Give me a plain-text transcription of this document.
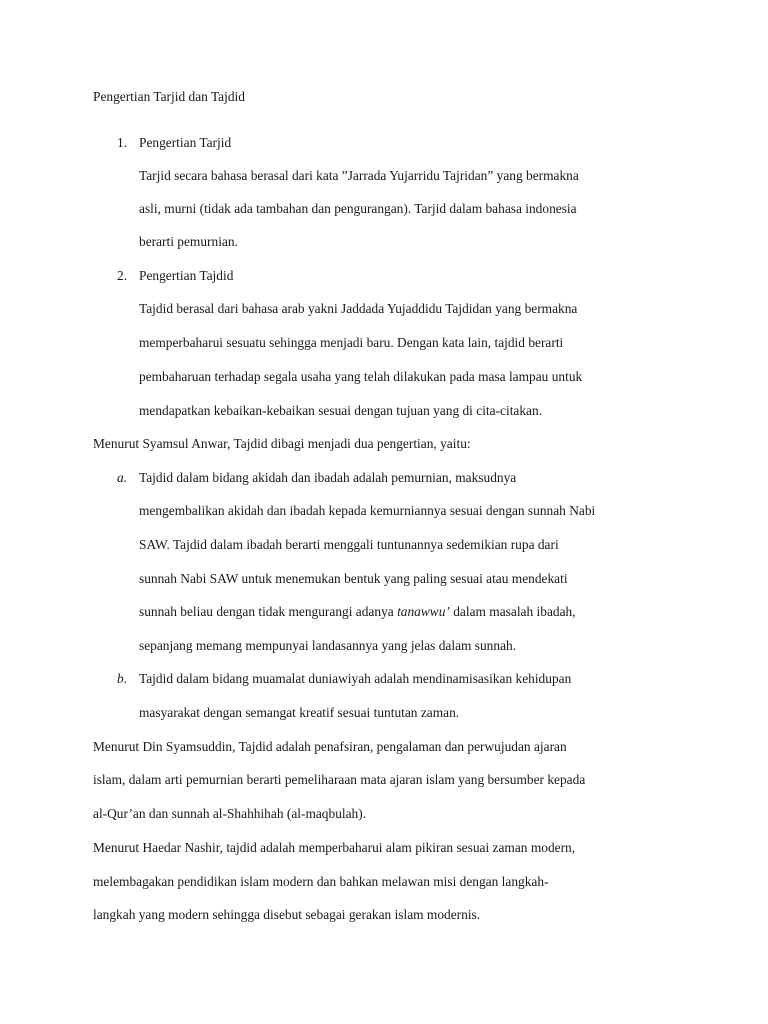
Pengertian Tarjid dan Tajdid
1. Pengertian Tarjid
Tarjid secara bahasa berasal dari kata ”Jarrada Yujarridu Tajridan” yang bermakna
asli, murni (tidak ada tambahan dan pengurangan). Tarjid dalam bahasa indonesia
berarti pemurnian.
2. Pengertian Tajdid
Tajdid berasal dari bahasa arab yakni Jaddada Yujaddidu Tajdidan yang bermakna
memperbaharui sesuatu sehingga menjadi baru. Dengan kata lain, tajdid berarti
pembaharuan terhadap segala usaha yang telah dilakukan pada masa lampau untuk
mendapatkan kebaikan-kebaikan sesuai dengan tujuan yang di cita-citakan.
Menurut Syamsul Anwar, Tajdid dibagi menjadi dua pengertian, yaitu:
a. Tajdid dalam bidang akidah dan ibadah adalah pemurnian, maksudnya
mengembalikan akidah dan ibadah kepada kemurniannya sesuai dengan sunnah Nabi
SAW. Tajdid dalam ibadah berarti menggali tuntunannya sedemikian rupa dari
sunnah Nabi SAW untuk menemukan bentuk yang paling sesuai atau mendekati
sunnah beliau dengan tidak mengurangi adanya tanawwu’ dalam masalah ibadah,
sepanjang memang mempunyai landasannya yang jelas dalam sunnah.
b. Tajdid dalam bidang muamalat duniawiyah adalah mendinamisasikan kehidupan
masyarakat dengan semangat kreatif sesuai tuntutan zaman.
Menurut Din Syamsuddin, Tajdid adalah penafsiran, pengalaman dan perwujudan ajaran
islam, dalam arti pemurnian berarti pemeliharaan mata ajaran islam yang bersumber kepada
al-Qur’an dan sunnah al-Shahhihah (al-maqbulah).
Menurut Haedar Nashir, tajdid adalah memperbaharui alam pikiran sesuai zaman modern,
melembagakan pendidikan islam modern dan bahkan melawan misi dengan langkah-
langkah yang modern sehingga disebut sebagai gerakan islam modernis.
